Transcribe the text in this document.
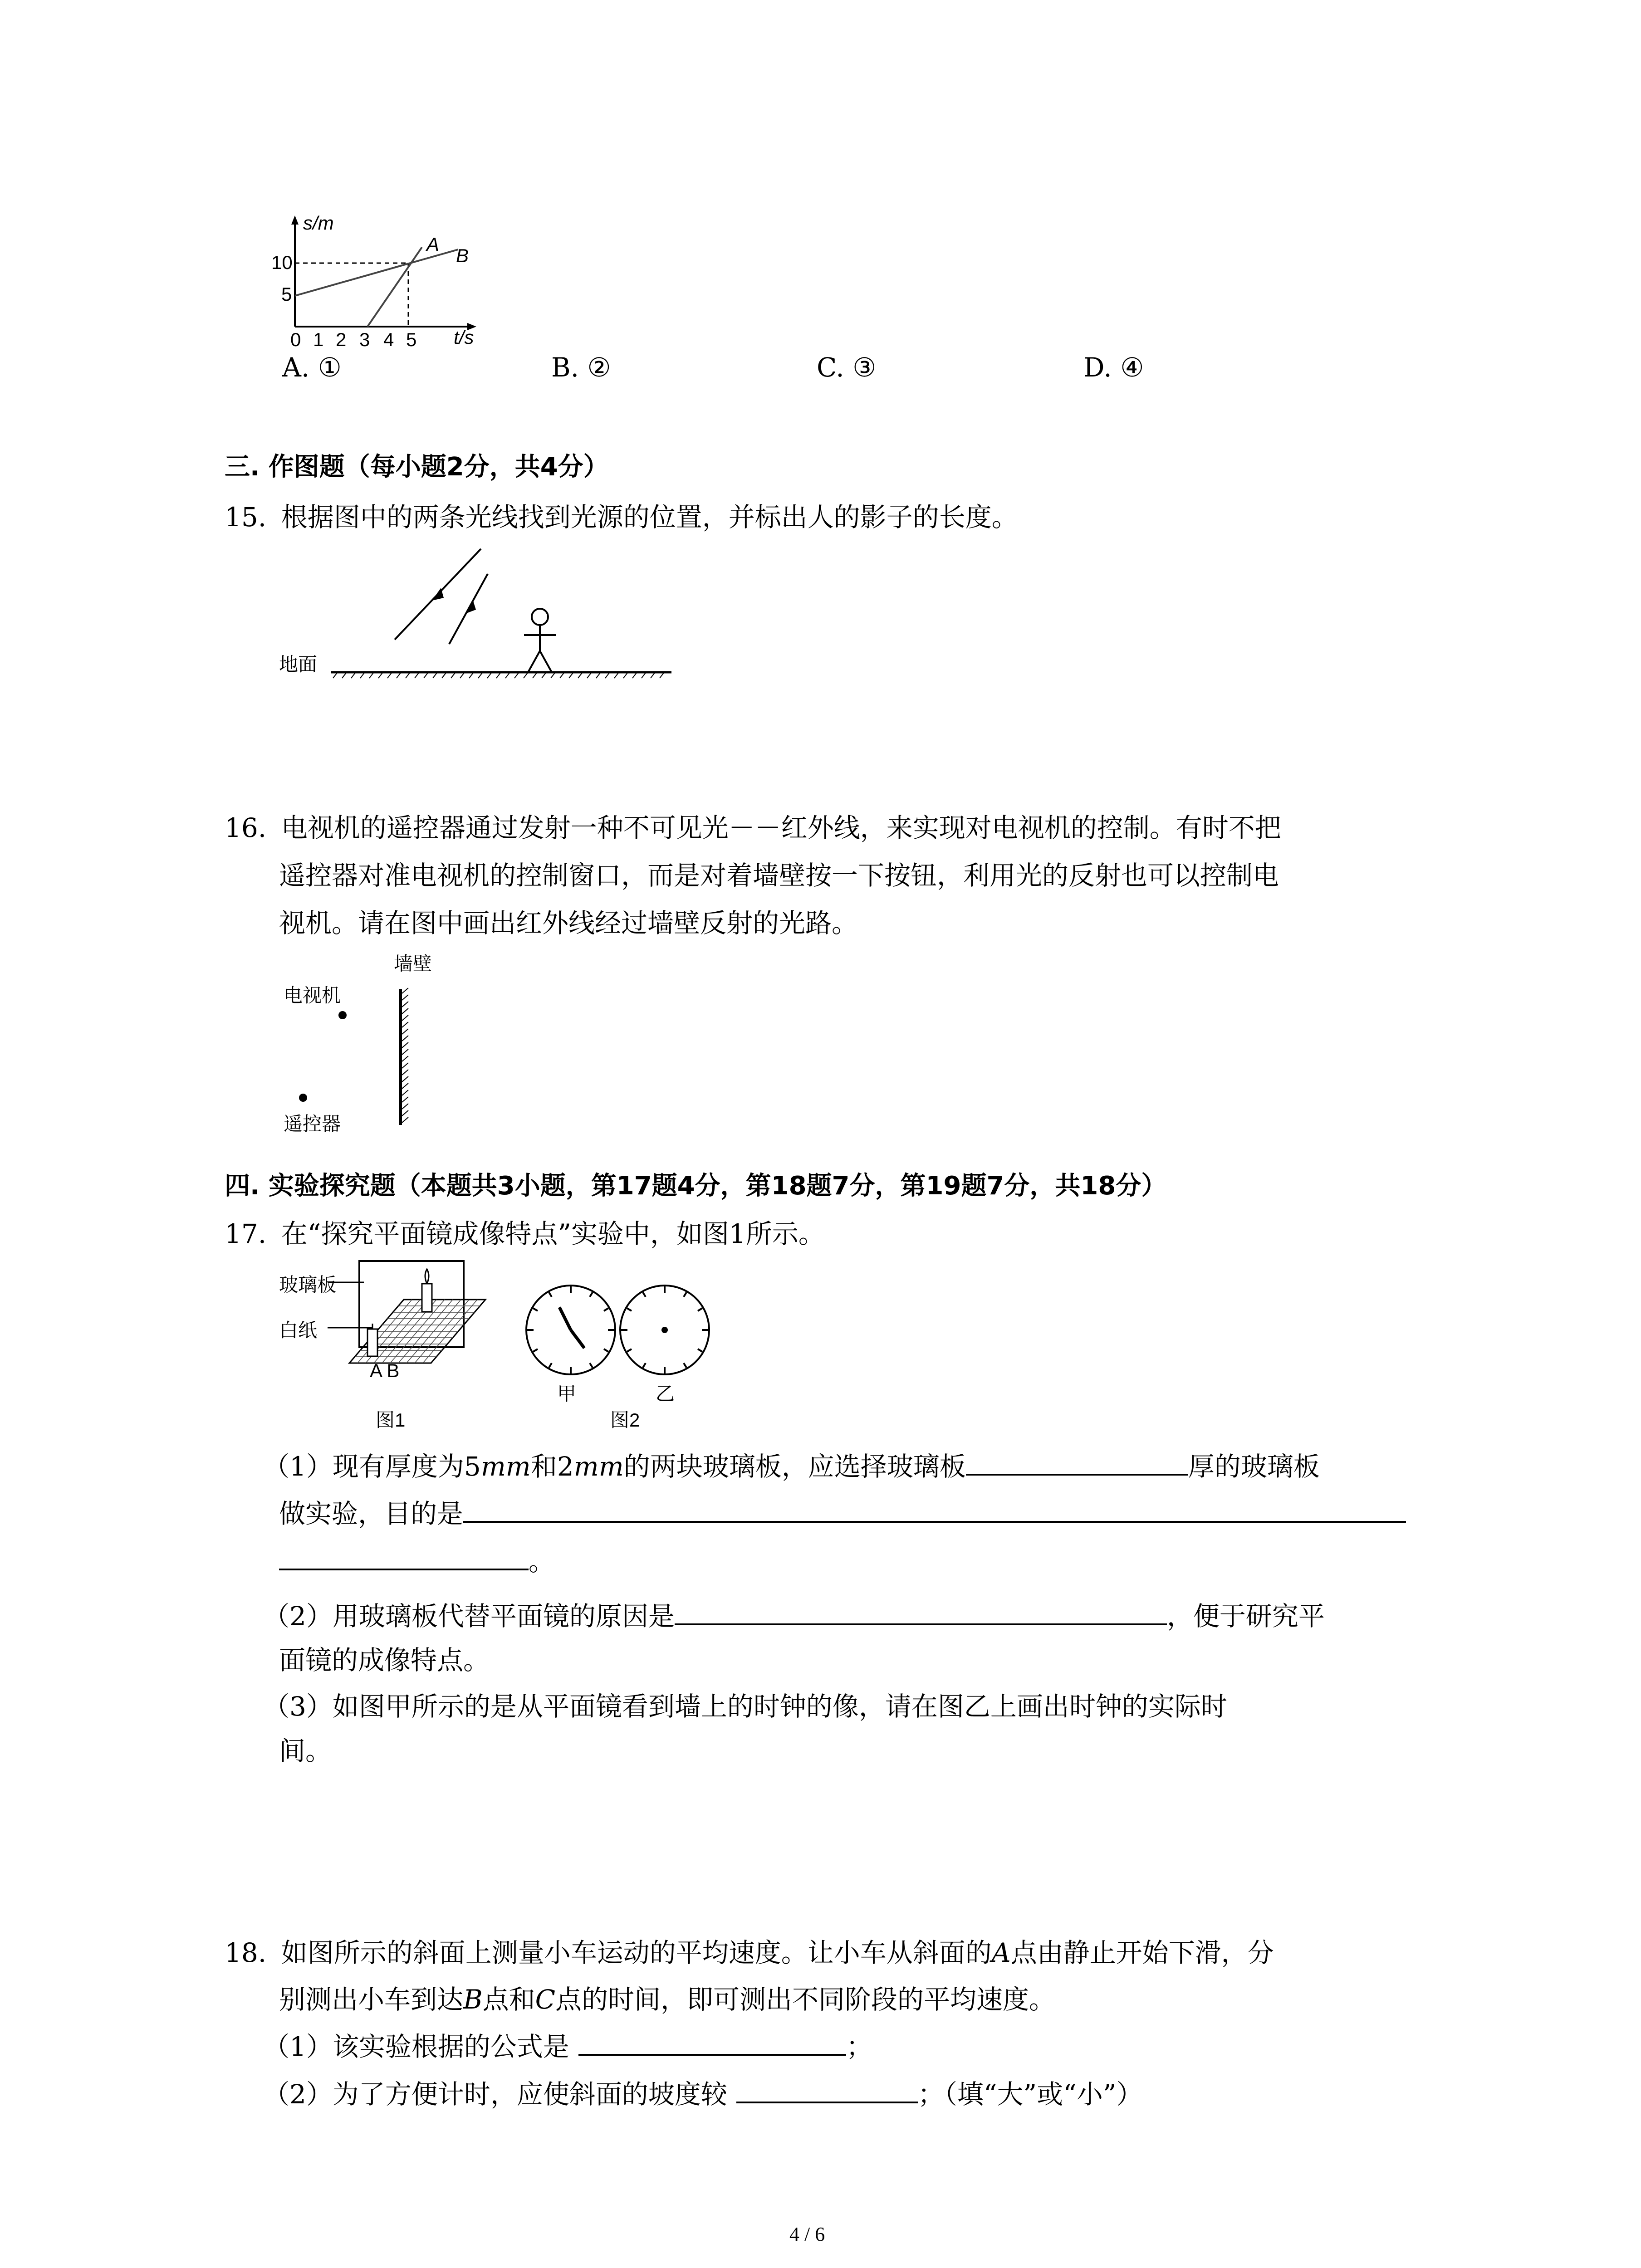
s/m
t/s
10
5
0 1 2 3 4 5
A
B
A. ①	B. ②	C. ③	D. ④
三. 作图题（每小题2分，共4分）
15. 根据图中的两条光线找到光源的位置，并标出人的影子的长度。
地面
16. 电视机的遥控器通过发射一种不可见光－－红外线，来实现对电视机的控制。有时不把
遥控器对准电视机的控制窗口，而是对着墙壁按一下按钮，利用光的反射也可以控制电
视机。请在图中画出红外线经过墙壁反射的光路。
墙壁
电视机
遥控器
四. 实验探究题（本题共3小题，第17题4分，第18题7分，第19题7分，共18分）
17. 在“探究平面镜成像特点”实验中，如图1所示。
玻璃板
白纸
A B
图1
甲	乙
图2
（1）现有厚度为5mm和2mm的两块玻璃板，应选择玻璃板	厚的玻璃板
做实验，目的是
。
（2）用玻璃板代替平面镜的原因是	，便于研究平
面镜的成像特点。
（3）如图甲所示的是从平面镜看到墙上的时钟的像，请在图乙上画出时钟的实际时
间。
18. 如图所示的斜面上测量小车运动的平均速度。让小车从斜面的A点由静止开始下滑，分
别测出小车到达B点和C点的时间，即可测出不同阶段的平均速度。
（1）该实验根据的公式是	；
（2）为了方便计时，应使斜面的坡度较	；（填“大”或“小”）
4 / 6
